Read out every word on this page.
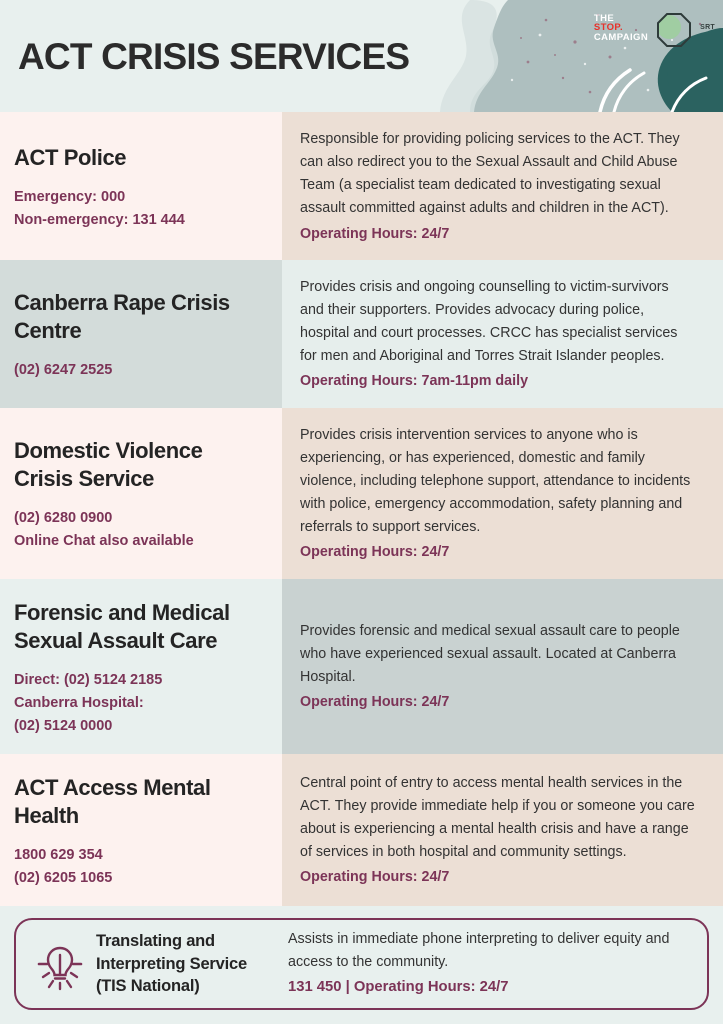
ACT CRISIS SERVICES
THE
STOP.
CAMPAIGN
SRT
ACT Police
Emergency: 000
Non-emergency: 131 444
Responsible for providing policing services to the ACT. They can also redirect you to the Sexual Assault and Child Abuse Team (a specialist team dedicated to investigating sexual assault committed against adults and children in the ACT).
Operating Hours: 24/7
Canberra Rape Crisis Centre
(02) 6247 2525
Provides crisis and ongoing counselling to victim-survivors and their supporters. Provides advocacy during police, hospital and court processes. CRCC has specialist services for men and Aboriginal and Torres Strait Islander peoples.
Operating Hours: 7am-11pm daily
Domestic Violence Crisis Service
(02) 6280 0900
Online Chat also available
Provides crisis intervention services to anyone who is experiencing, or has experienced, domestic and family violence, including telephone support, attendance to incidents with police, emergency accommodation, safety planning and referrals to support services.
Operating Hours: 24/7
Forensic and Medical Sexual Assault Care
Direct: (02) 5124 2185
Canberra Hospital:
(02) 5124 0000
Provides forensic and medical sexual assault care to people who have experienced sexual assault. Located at Canberra Hospital.
Operating Hours: 24/7
ACT Access Mental Health
1800 629 354
(02) 6205 1065
Central point of entry to access mental health services in the ACT. They provide immediate help if you or someone you care about is experiencing a mental health crisis and have a range of services in both hospital and community settings.
Operating Hours: 24/7
Translating and Interpreting Service (TIS National)
Assists in immediate phone interpreting to deliver equity and access to the community.
131 450 | Operating Hours: 24/7
